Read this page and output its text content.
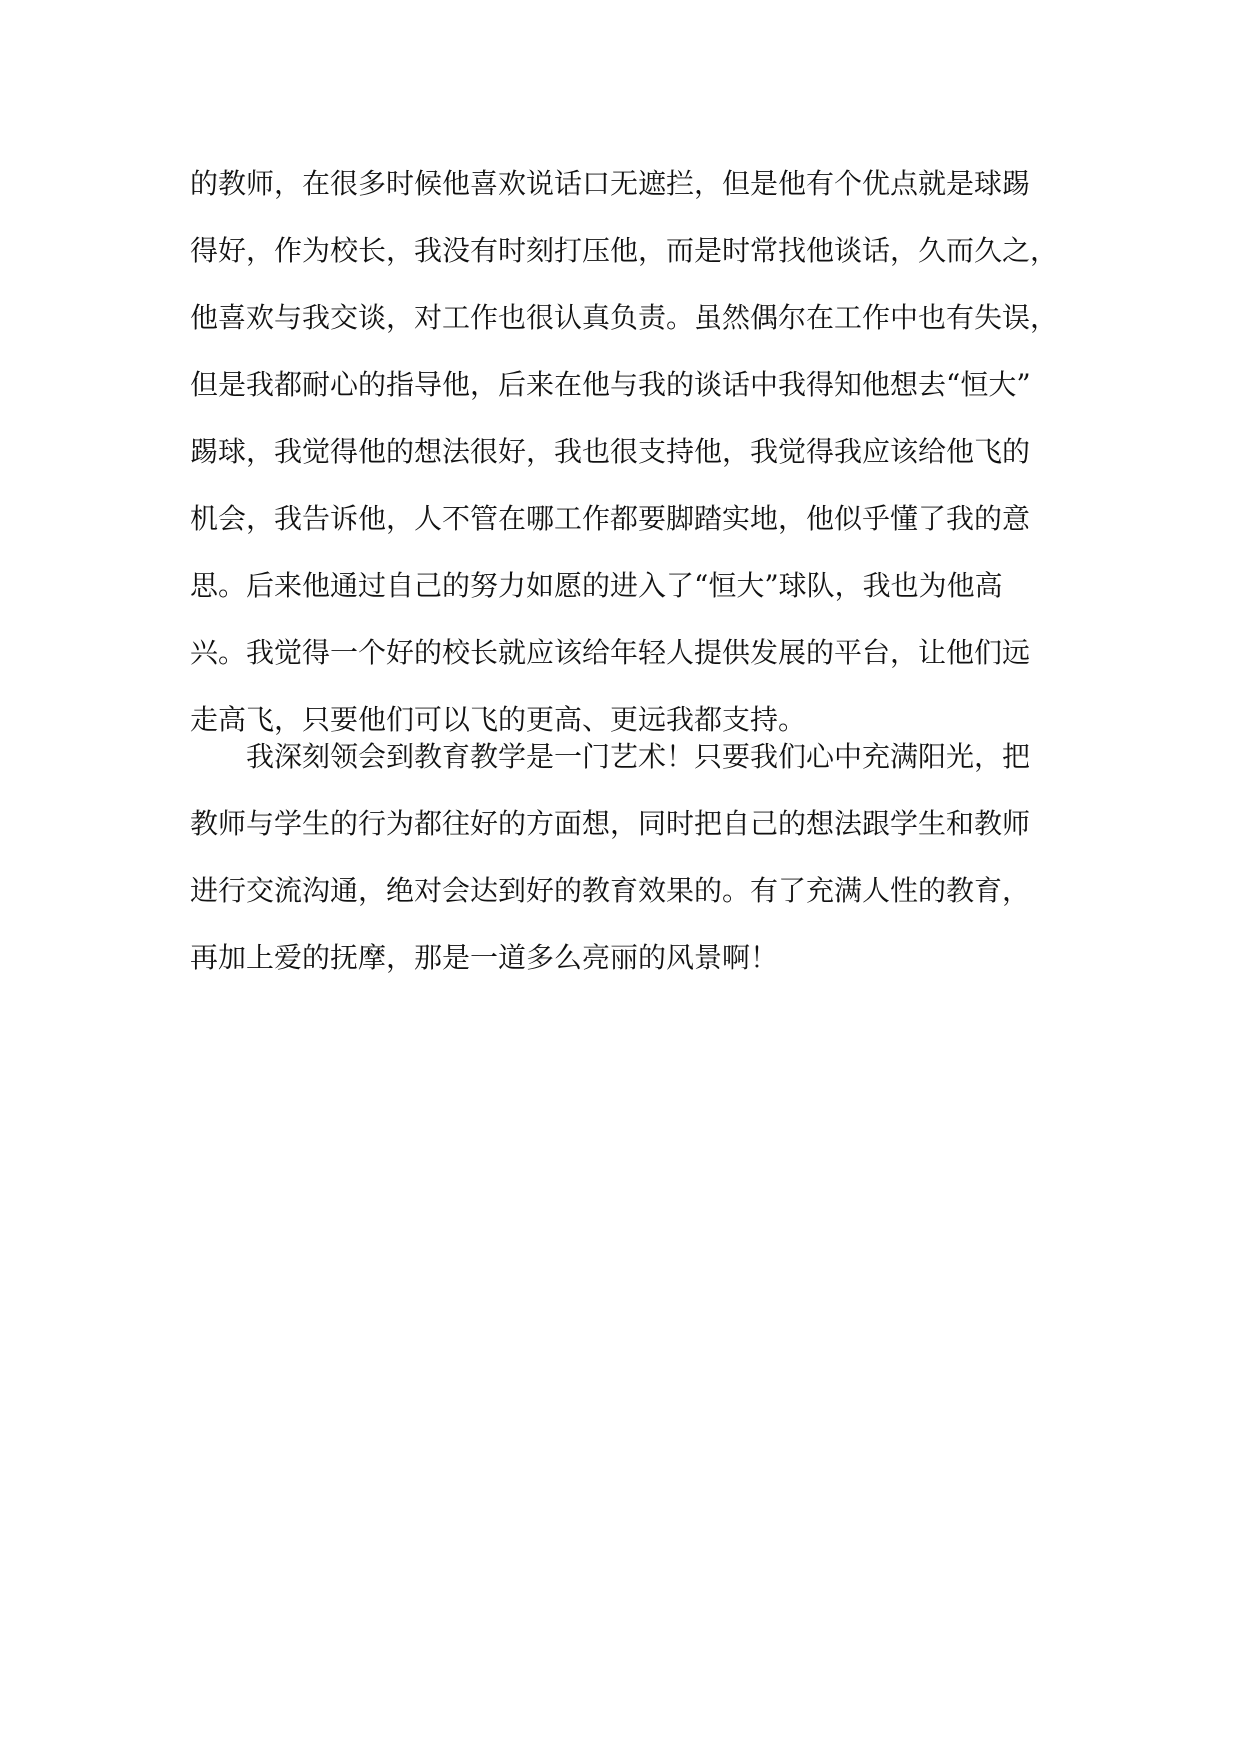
的教师，在很多时候他喜欢说话口无遮拦，但是他有个优点就是球踢
得好，作为校长，我没有时刻打压他，而是时常找他谈话，久而久之，
他喜欢与我交谈，对工作也很认真负责。虽然偶尔在工作中也有失误，
但是我都耐心的指导他，后来在他与我的谈话中我得知他想去“恒大”
踢球，我觉得他的想法很好，我也很支持他，我觉得我应该给他飞的
机会，我告诉他，人不管在哪工作都要脚踏实地，他似乎懂了我的意
思。后来他通过自己的努力如愿的进入了“恒大”球队，我也为他高
兴。我觉得一个好的校长就应该给年轻人提供发展的平台，让他们远
走高飞，只要他们可以飞的更高、更远我都支持。
我深刻领会到教育教学是一门艺术！只要我们心中充满阳光，把
教师与学生的行为都往好的方面想，同时把自己的想法跟学生和教师
进行交流沟通，绝对会达到好的教育效果的。有了充满人性的教育，
再加上爱的抚摩，那是一道多么亮丽的风景啊！
